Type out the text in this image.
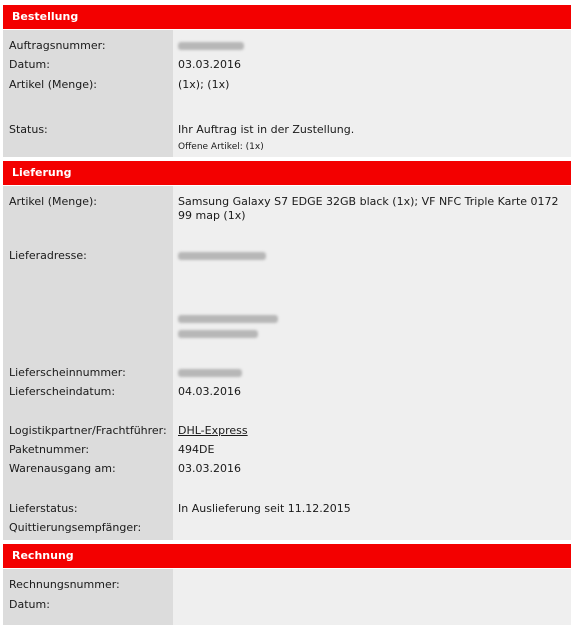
Bestellung
Auftragsnummer:
Datum:	03.03.2016
Artikel (Menge):	(1x); (1x)
Status:	Ihr Auftrag ist in der Zustellung.
Offene Artikel: (1x)
Lieferung
Artikel (Menge):	Samsung Galaxy S7 EDGE 32GB black (1x); VF NFC Triple Karte 0172 99 map (1x)
Lieferadresse:
Lieferscheinnummer:
Lieferscheindatum:	04.03.2016
Logistikpartner/Frachtführer: DHL-Express
Paketnummer:	494DE
Warenausgang am:	03.03.2016
Lieferstatus:	In Auslieferung seit 11.12.2015
Quittierungsempfänger:
Rechnung
Rechnungsnummer:
Datum:
